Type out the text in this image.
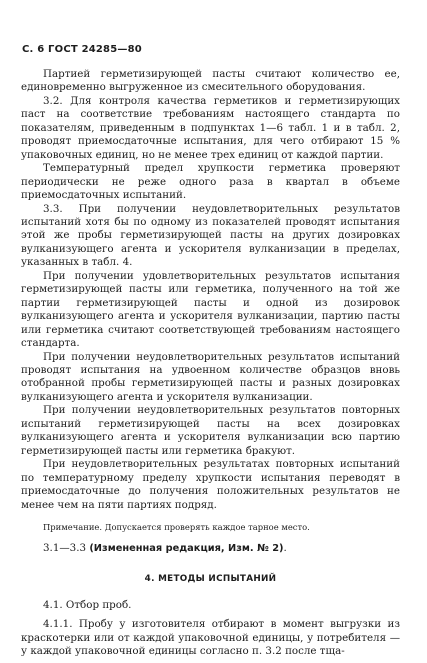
С. 6 ГОСТ 24285—80

Партией герметизирующей пасты считают количество ее, единовременно выгруженное из смесительного оборудования.

3.2. Для контроля качества герметиков и герметизирующих паст на соответствие требованиям настоящего стандарта по показателям, приведенным в подпунктах 1—6 табл. 1 и в табл. 2, проводят приемосдаточные испытания, для чего отбирают 15 % упаковочных единиц, но не менее трех единиц от каждой партии.

Температурный предел хрупкости герметика проверяют периодически не реже одного раза в квартал в объеме приемосдаточных испытаний.

3.3. При получении неудовлетворительных результатов испытаний хотя бы по одному из показателей проводят испытания этой же пробы герметизирующей пасты на других дозировках вулканизующего агента и ускорителя вулканизации в пределах, указанных в табл. 4.

При получении удовлетворительных результатов испытания герметизирующей пасты или герметика, полученного на той же партии герметизирующей пасты и одной из дозировок вулканизующего агента и ускорителя вулканизации, партию пасты или герметика считают соответствующей требованиям настоящего стандарта.

При получении неудовлетворительных результатов испытаний проводят испытания на удвоенном количестве образцов вновь отобранной пробы герметизирующей пасты и разных дозировках вулканизующего агента и ускорителя вулканизации.

При получении неудовлетворительных результатов повторных испытаний герметизирующей пасты на всех дозировках вулканизующего агента и ускорителя вулканизации всю партию герметизирующей пасты или герметика бракуют.

При неудовлетворительных результатах повторных испытаний по температурному пределу хрупкости испытания переводят в приемосдаточные до получения положительных результатов не менее чем на пяти партиях подряд.

Примечание. Допускается проверять каждое тарное место.

3.1—3.3 (Измененная редакция, Изм. № 2).

4. МЕТОДЫ ИСПЫТАНИЙ

4.1. Отбор проб.

4.1.1. Пробу у изготовителя отбирают в момент выгрузки из краскотерки или от каждой упаковочной единицы, у потребителя — у каждой упаковочной единицы согласно п. 3.2 после тща-
